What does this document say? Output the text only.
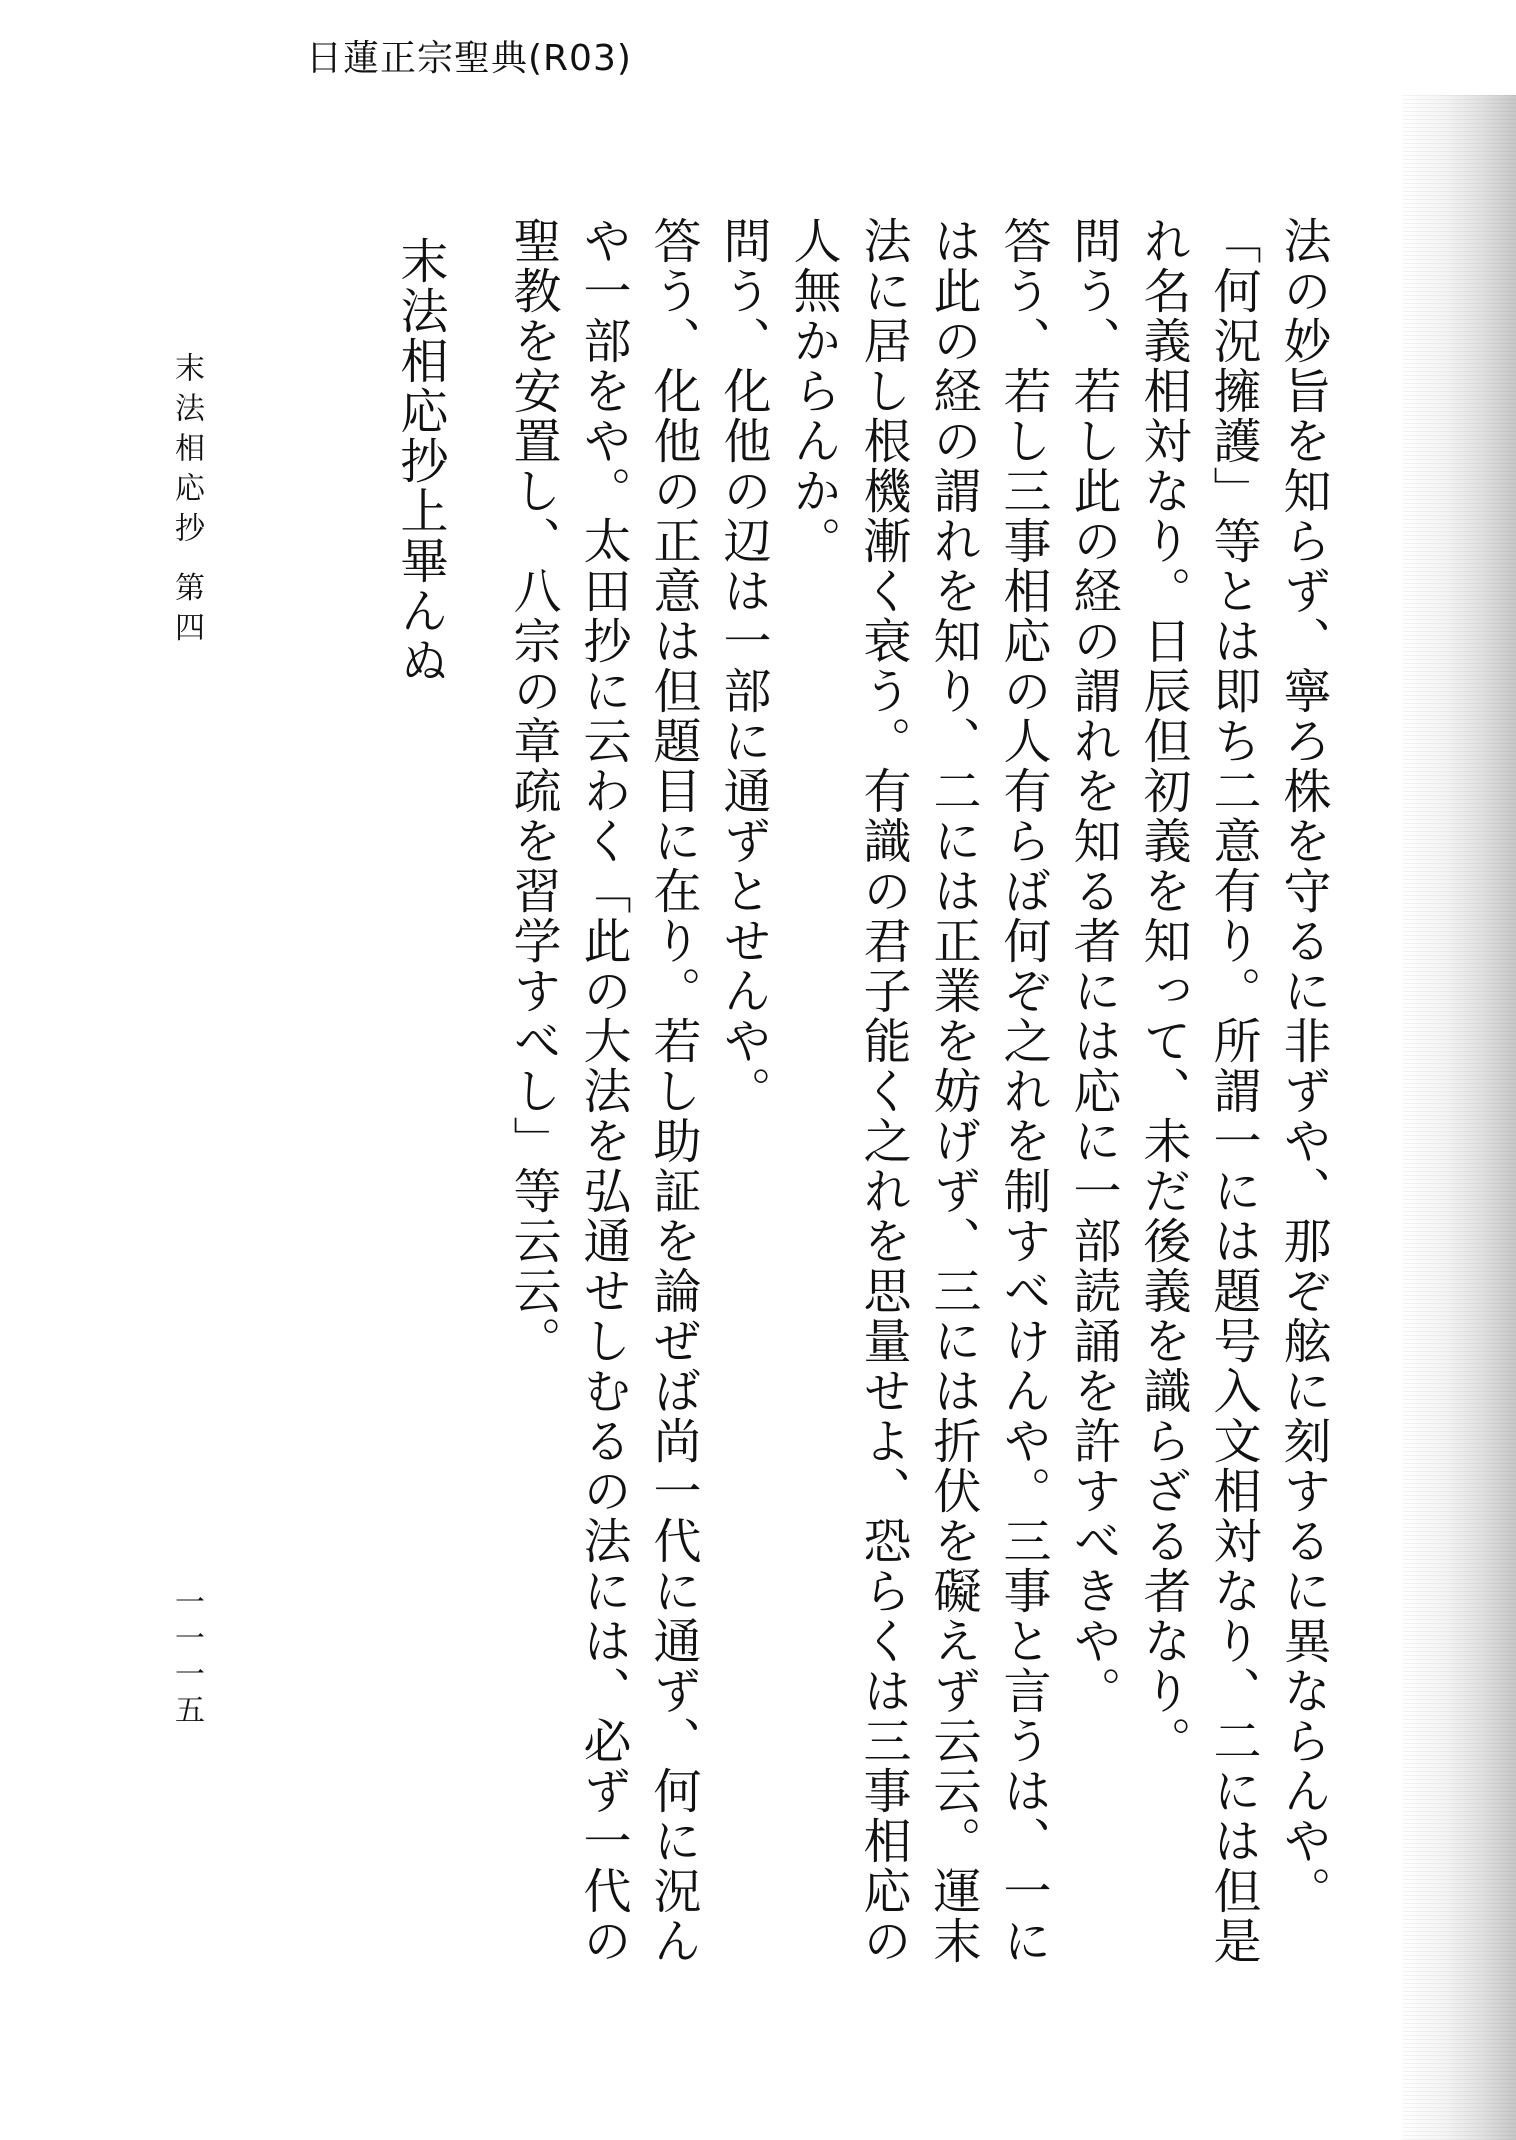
日蓮正宗聖典(R03)

法の妙旨を知らず、寧ろ株を守るに非ずや、那ぞ舷に刻するに異ならんや。「何況擁護」等とは即ち二意有り。所謂一には題号入文相対なり、二には但是れ名義相対なり。日辰但初義を知って、未だ後義を識らざる者なり。

問う、若し此の経の謂れを知る者には応に一部読誦を許すべきや。

答う、若し三事相応の人有らば何ぞ之れを制すべけんや。三事と言うは、一には此の経の謂れを知り、二には正業を妨げず、三には折伏を礙えず云云。運末法に居し根機漸く衰う。有識の君子能く之れを思量せよ、恐らくは三事相応の人無からんか。

問う、化他の辺は一部に通ずとせんや。

答う、化他の正意は但題目に在り。若し助証を論ぜば尚一代に通ず、何に況んや一部をや。太田抄に云わく「此の大法を弘通せしむるの法には、必ず一代の聖教を安置し、八宗の章疏を習学すべし」等云云。

末法相応抄上畢んぬ
末法相応抄 第四
一一一五
